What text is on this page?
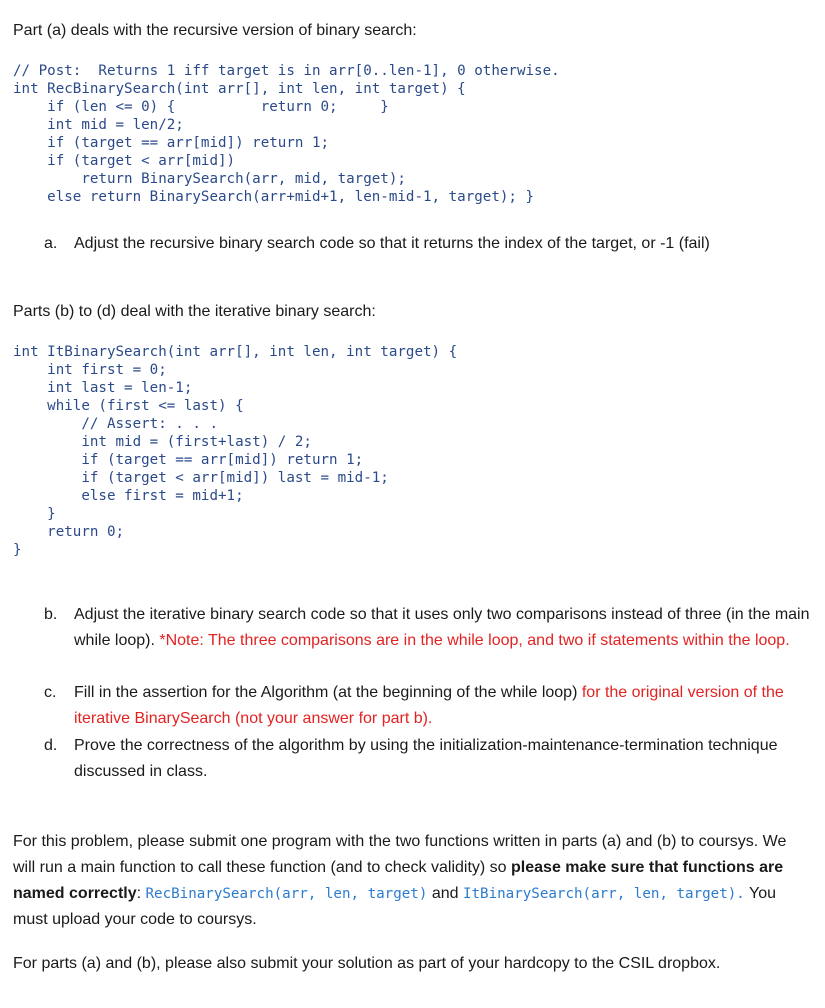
Part (a) deals with the recursive version of binary search:

// Post:  Returns 1 iff target is in arr[0..len-1], 0 otherwise.
int RecBinarySearch(int arr[], int len, int target) {
if (len <= 0) {          return 0;     }
int mid = len/2;
if (target == arr[mid]) return 1;
if (target < arr[mid])
return BinarySearch(arr, mid, target);
else return BinarySearch(arr+mid+1, len-mid-1, target); }

a. Adjust the recursive binary search code so that it returns the index of the target, or -1 (fail)

Parts (b) to (d) deal with the iterative binary search:

int ItBinarySearch(int arr[], int len, int target) {
int first = 0;
int last = len-1;
while (first <= last) {
// Assert: . . .
int mid = (first+last) / 2;
if (target == arr[mid]) return 1;
if (target < arr[mid]) last = mid-1;
else first = mid+1;
}
return 0;
}

b. Adjust the iterative binary search code so that it uses only two comparisons instead of three (in the main while loop). *Note: The three comparisons are in the while loop, and two if statements within the loop.
c. Fill in the assertion for the Algorithm (at the beginning of the while loop) for the original version of the iterative BinarySearch (not your answer for part b).
d. Prove the correctness of the algorithm by using the initialization-maintenance-termination technique discussed in class.

For this problem, please submit one program with the two functions written in parts (a) and (b) to coursys. We will run a main function to call these function (and to check validity) so please make sure that functions are named correctly: RecBinarySearch(arr, len, target) and ItBinarySearch(arr, len, target). You must upload your code to coursys.

For parts (a) and (b), please also submit your solution as part of your hardcopy to the CSIL dropbox.
